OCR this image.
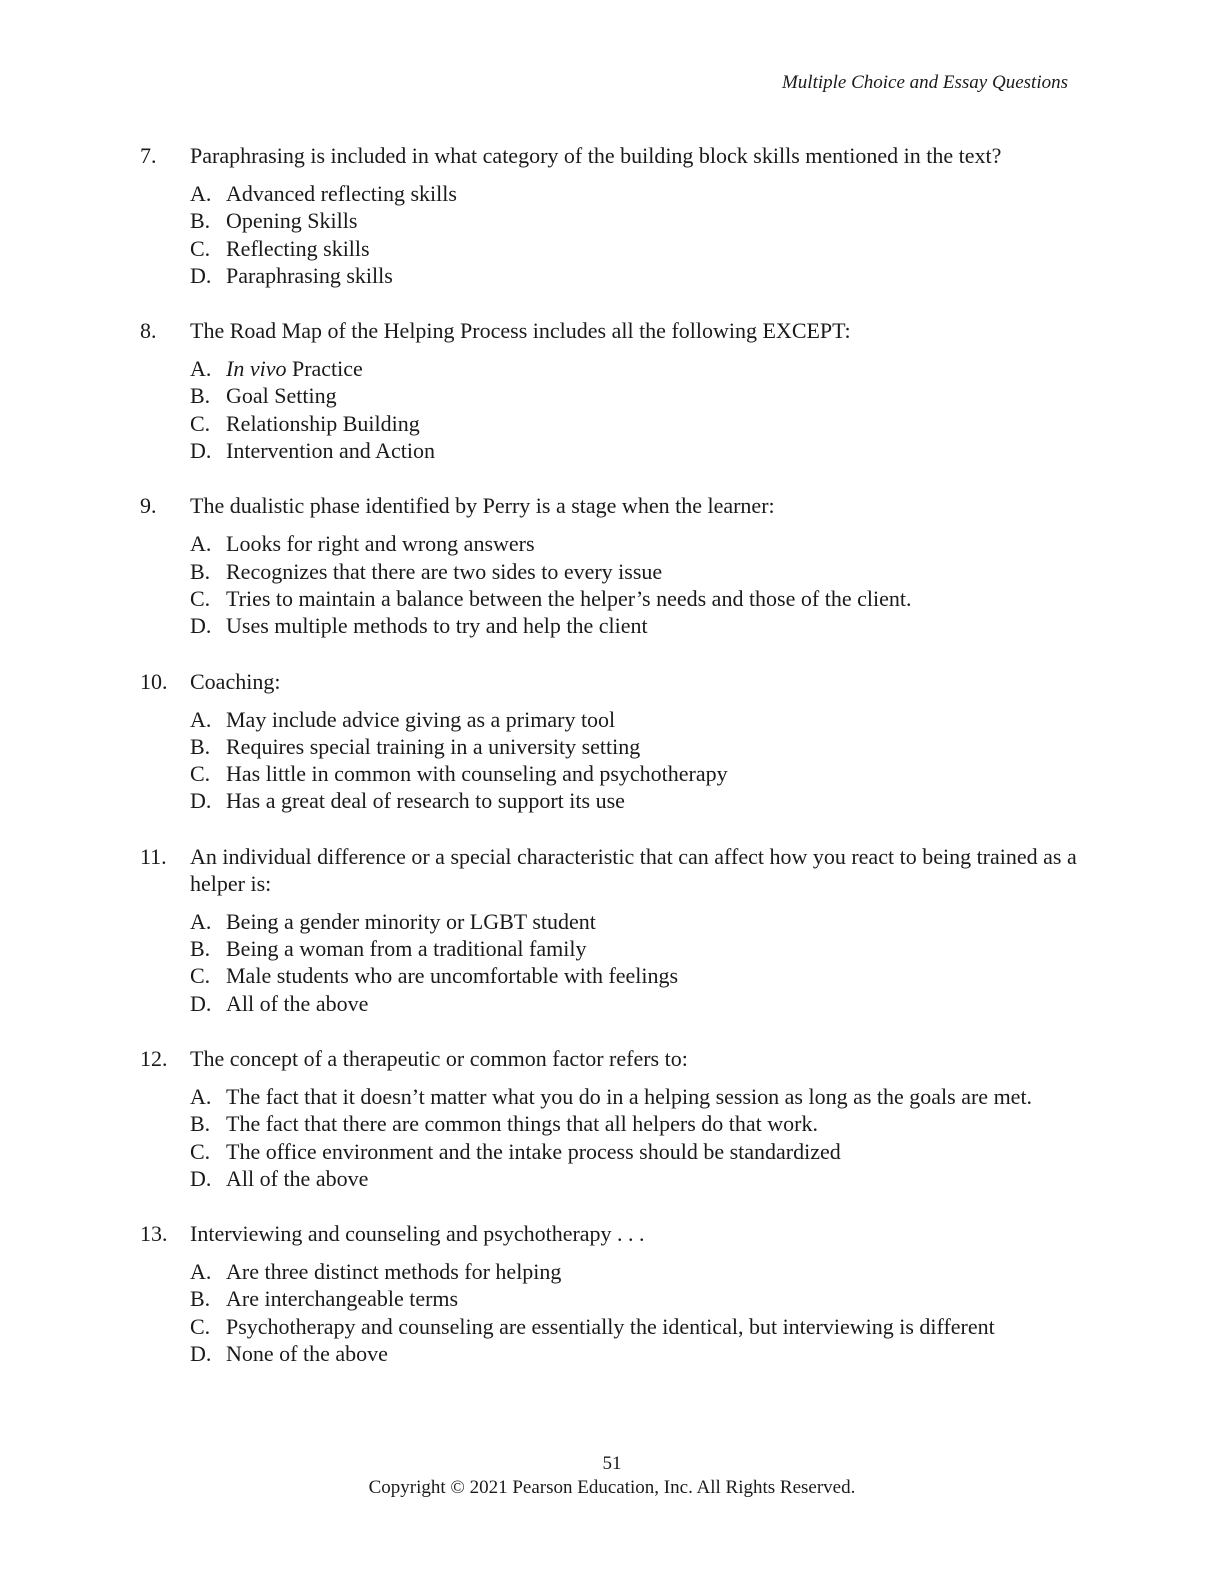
Multiple Choice and Essay Questions
7. Paraphrasing is included in what category of the building block skills mentioned in the text?
A. Advanced reflecting skills
B. Opening Skills
C. Reflecting skills
D. Paraphrasing skills
8. The Road Map of the Helping Process includes all the following EXCEPT:
A. In vivo Practice
B. Goal Setting
C. Relationship Building
D. Intervention and Action
9. The dualistic phase identified by Perry is a stage when the learner:
A. Looks for right and wrong answers
B. Recognizes that there are two sides to every issue
C. Tries to maintain a balance between the helper’s needs and those of the client.
D. Uses multiple methods to try and help the client
10. Coaching:
A. May include advice giving as a primary tool
B. Requires special training in a university setting
C. Has little in common with counseling and psychotherapy
D. Has a great deal of research to support its use
11. An individual difference or a special characteristic that can affect how you react to being trained as a helper is:
A. Being a gender minority or LGBT student
B. Being a woman from a traditional family
C. Male students who are uncomfortable with feelings
D. All of the above
12. The concept of a therapeutic or common factor refers to:
A. The fact that it doesn’t matter what you do in a helping session as long as the goals are met.
B. The fact that there are common things that all helpers do that work.
C. The office environment and the intake process should be standardized
D. All of the above
13. Interviewing and counseling and psychotherapy . . .
A. Are three distinct methods for helping
B. Are interchangeable terms
C. Psychotherapy and counseling are essentially the identical, but interviewing is different
D. None of the above
51
Copyright © 2021 Pearson Education, Inc. All Rights Reserved.
